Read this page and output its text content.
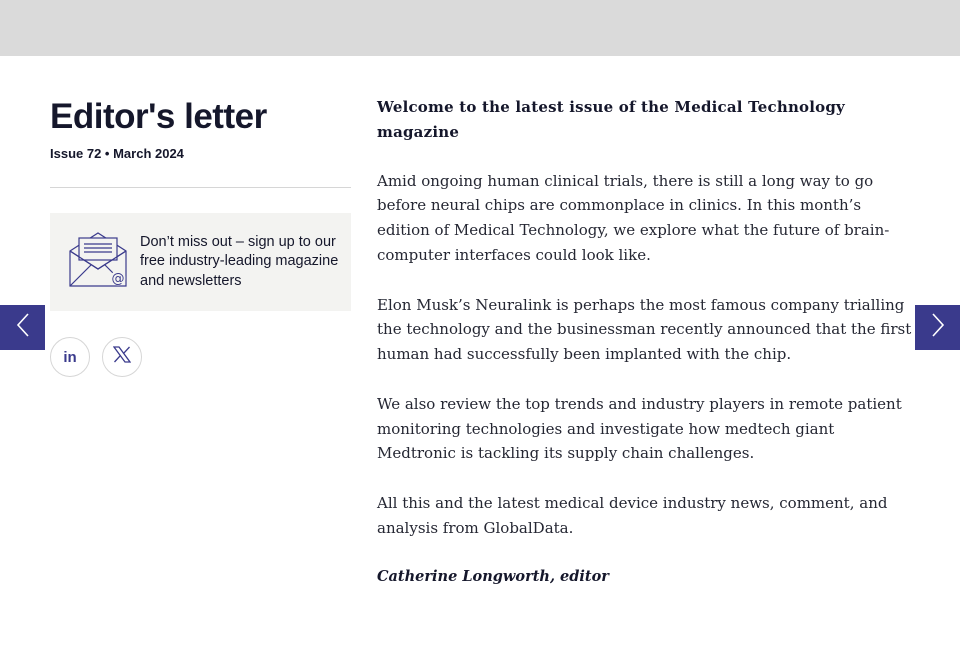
Editor's letter
Issue 72 • March 2024
@
Don’t miss out – sign up to our free industry-leading magazine and newsletters
in

Welcome to the latest issue of the Medical Technology magazine

Amid ongoing human clinical trials, there is still a long way to go before neural chips are commonplace in clinics. In this month’s edition of Medical Technology, we explore what the future of brain-computer interfaces could look like.

Elon Musk’s Neuralink is perhaps the most famous company trialling the technology and the businessman recently announced that the first human had successfully been implanted with the chip.

We also review the top trends and industry players in remote patient monitoring technologies and investigate how medtech giant Medtronic is tackling its supply chain challenges.

All this and the latest medical device industry news, comment, and analysis from GlobalData.

Catherine Longworth, editor
